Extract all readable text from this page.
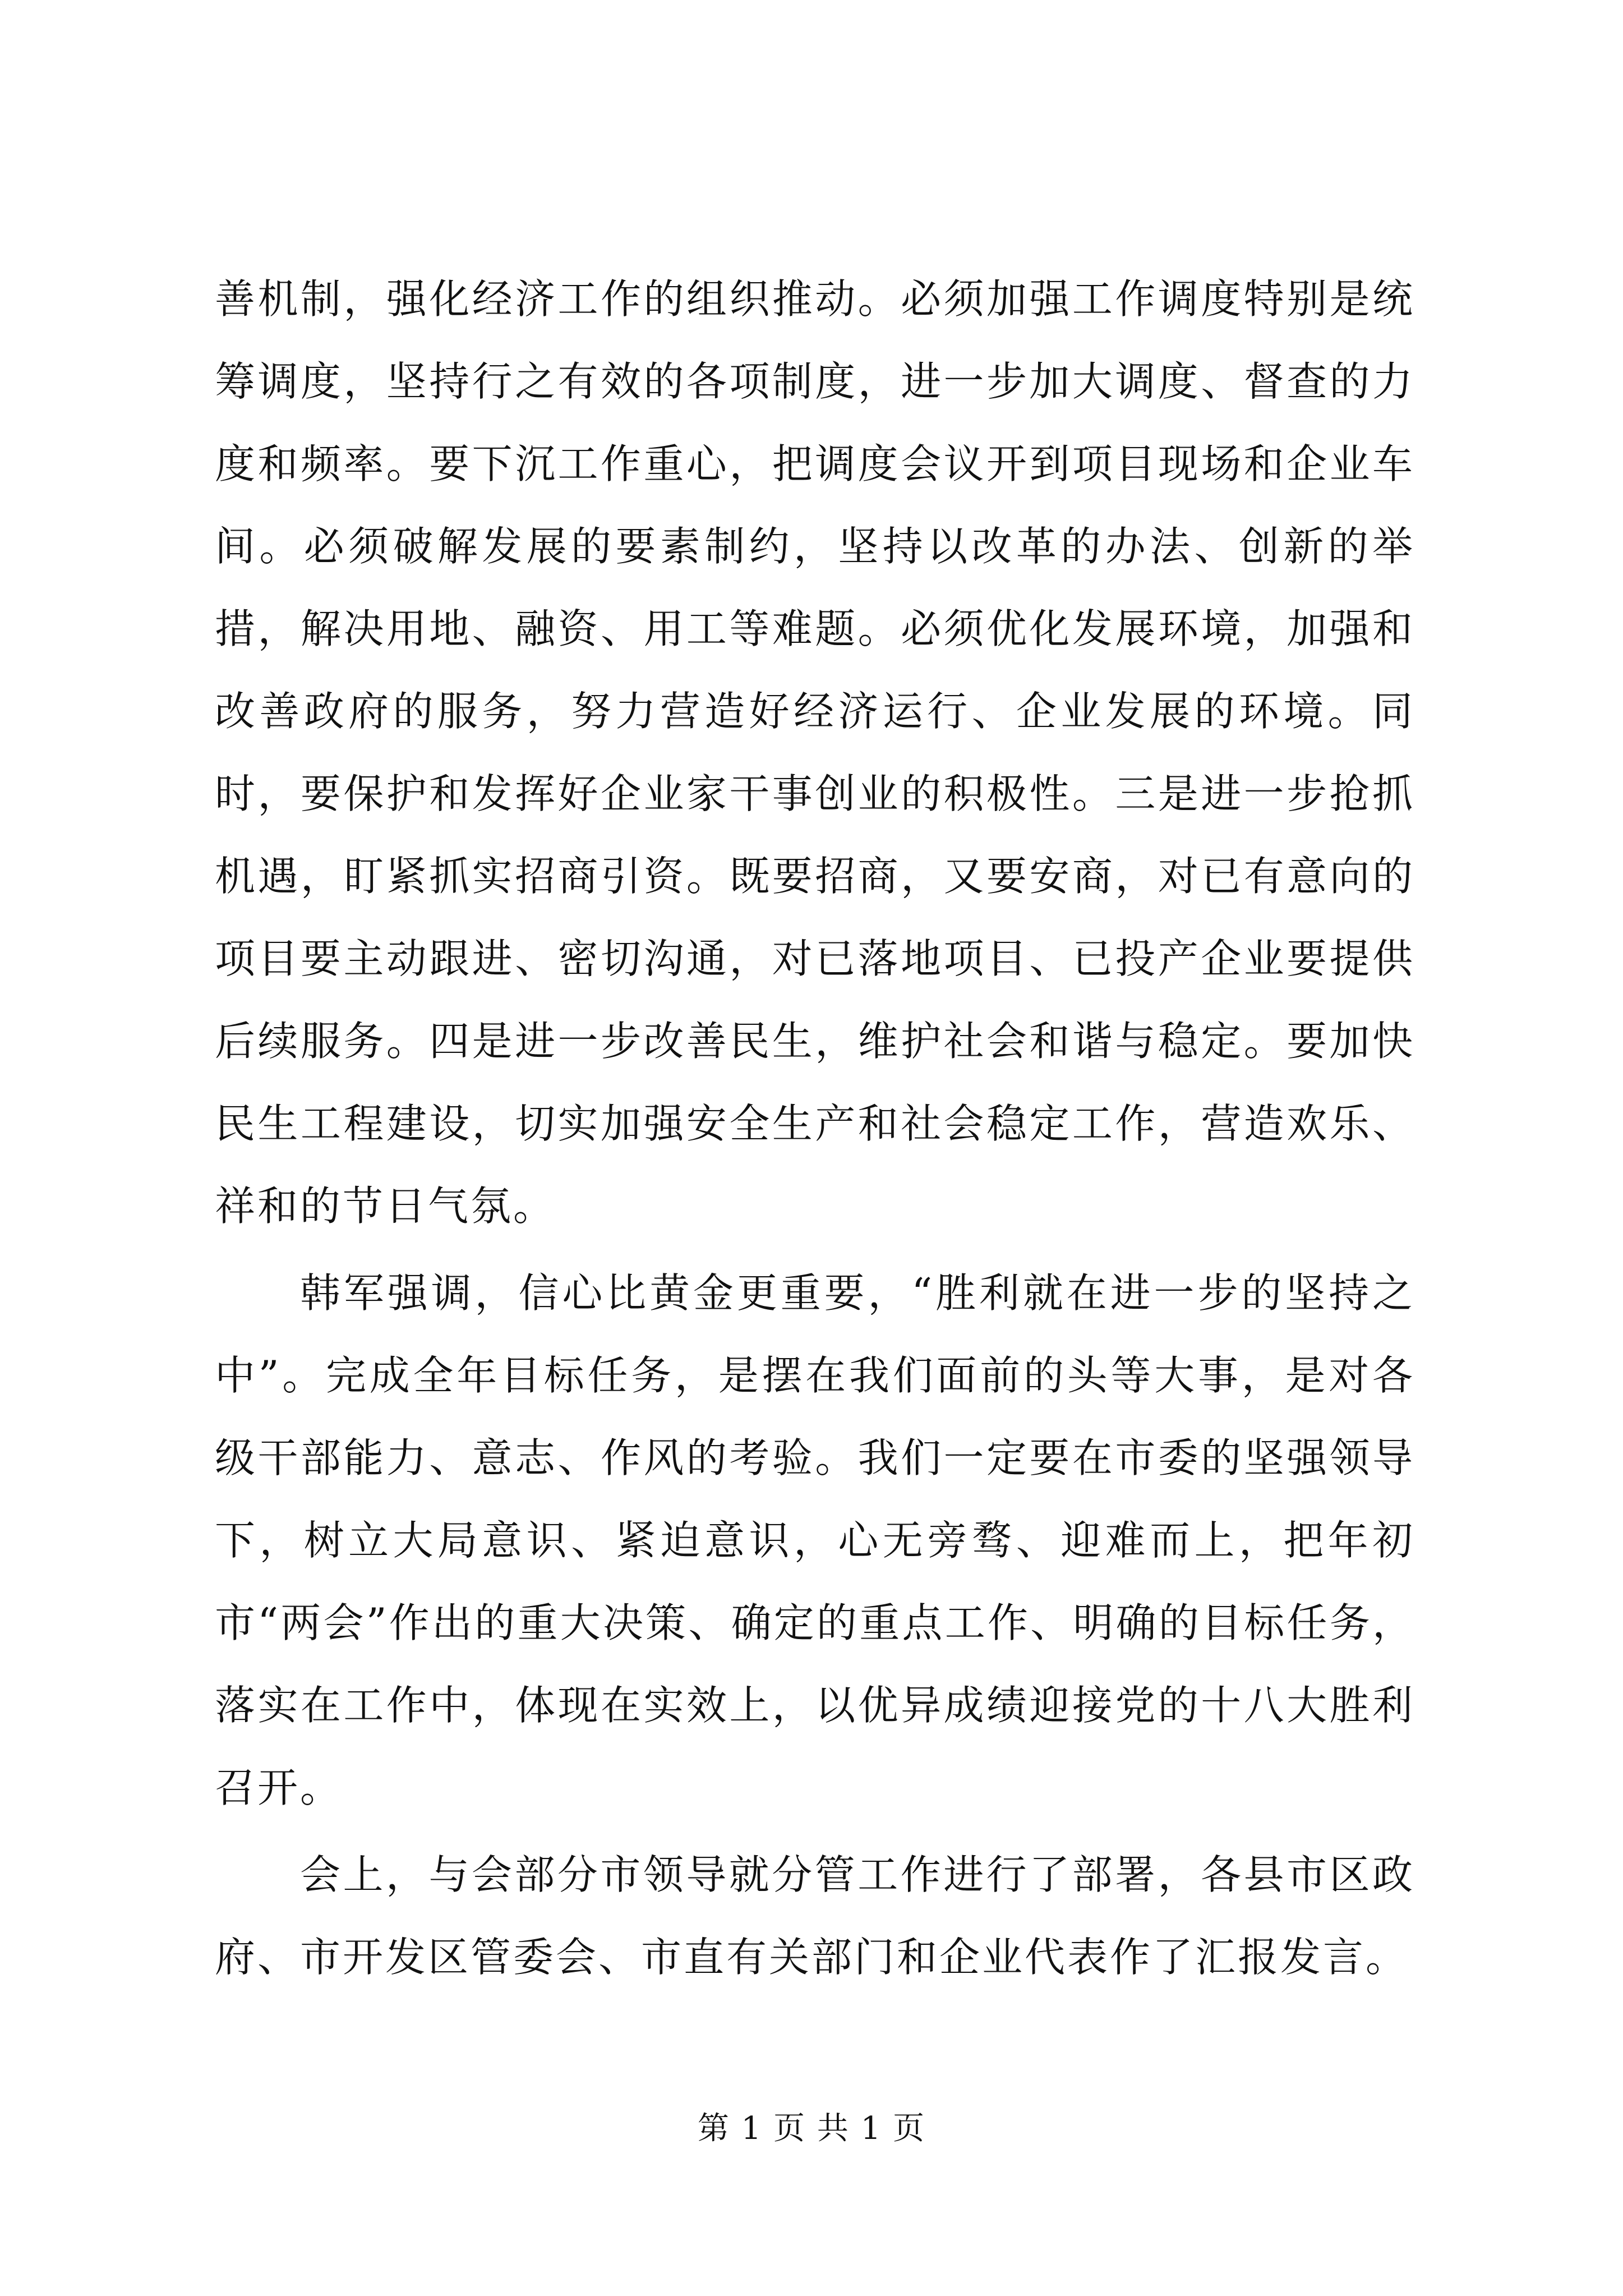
善机制，强化经济工作的组织推动。必须加强工作调度特别是统筹调度，坚持行之有效的各项制度，进一步加大调度、督查的力度和频率。要下沉工作重心，把调度会议开到项目现场和企业车间。必须破解发展的要素制约，坚持以改革的办法、创新的举措，解决用地、融资、用工等难题。必须优化发展环境，加强和改善政府的服务，努力营造好经济运行、企业发展的环境。同时，要保护和发挥好企业家干事创业的积极性。三是进一步抢抓机遇，盯紧抓实招商引资。既要招商，又要安商，对已有意向的项目要主动跟进、密切沟通，对已落地项目、已投产企业要提供后续服务。四是进一步改善民生，维护社会和谐与稳定。要加快民生工程建设，切实加强安全生产和社会稳定工作，营造欢乐、祥和的节日气氛。

韩军强调，信心比黄金更重要，“胜利就在进一步的坚持之中”。完成全年目标任务，是摆在我们面前的头等大事，是对各级干部能力、意志、作风的考验。我们一定要在市委的坚强领导下，树立大局意识、紧迫意识，心无旁骛、迎难而上，把年初市“两会”作出的重大决策、确定的重点工作、明确的目标任务，落实在工作中，体现在实效上，以优异成绩迎接党的十八大胜利召开。

会上，与会部分市领导就分管工作进行了部署，各县市区政府、市开发区管委会、市直有关部门和企业代表作了汇报发言。

第 1 页 共 1 页
